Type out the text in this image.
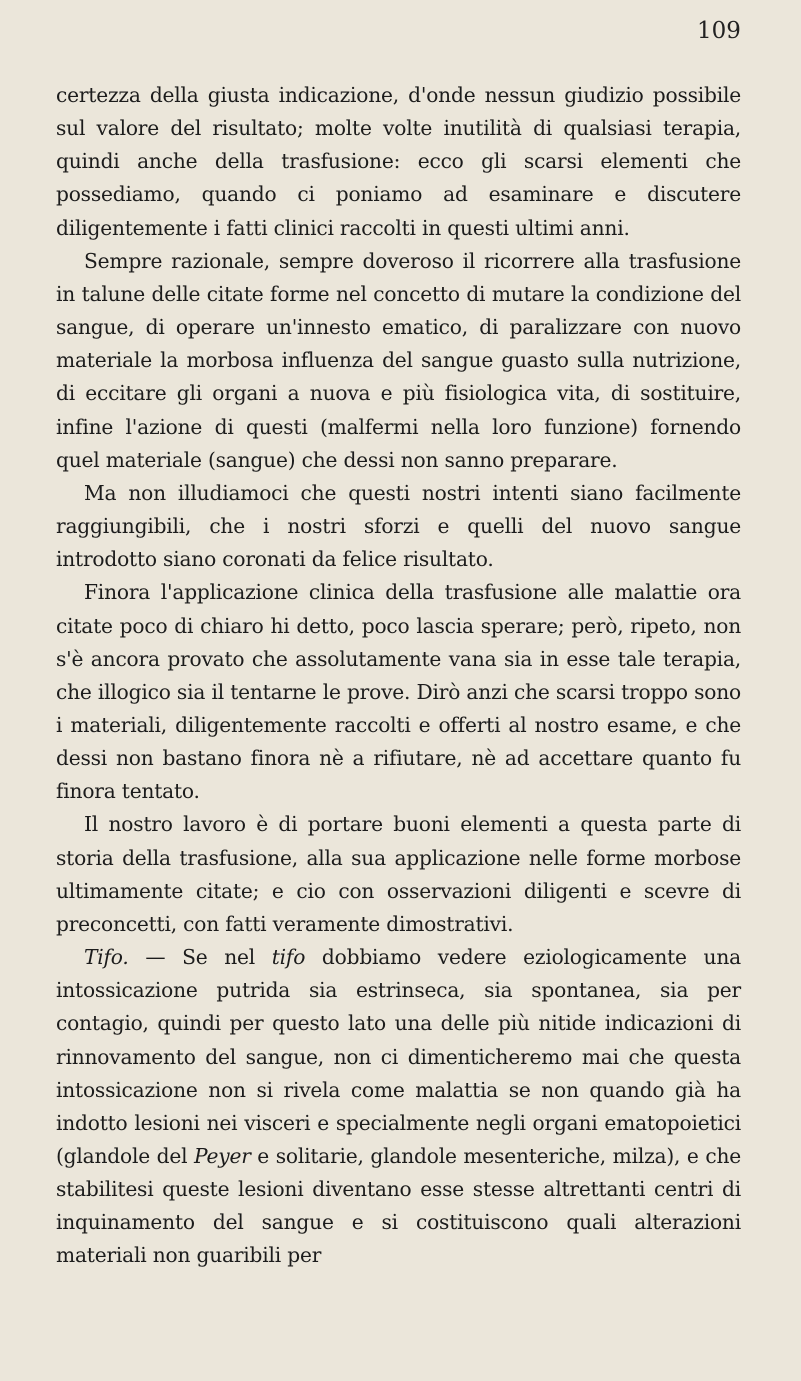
109

certezza della giusta indicazione, d'onde nessun giudizio possibile sul valore del risultato; molte volte inutilità di qualsiasi terapia, quindi anche della trasfusione: ecco gli scarsi elementi che possediamo, quando ci poniamo ad esaminare e discutere diligentemente i fatti clinici raccolti in questi ultimi anni.

Sempre razionale, sempre doveroso il ricorrere alla trasfusione in talune delle citate forme nel concetto di mutare la condizione del sangue, di operare un'innesto ematico, di paralizzare con nuovo materiale la morbosa influenza del sangue guasto sulla nutrizione, di eccitare gli organi a nuova e più fisiologica vita, di sostituire, infine l'azione di questi (malfermi nella loro funzione) fornendo quel materiale (sangue) che dessi non sanno preparare.

Ma non illudiamoci che questi nostri intenti siano facilmente raggiungibili, che i nostri sforzi e quelli del nuovo sangue introdotto siano coronati da felice risultato.

Finora l'applicazione clinica della trasfusione alle malattie ora citate poco di chiaro hi detto, poco lascia sperare; però, ripeto, non s'è ancora provato che assolutamente vana sia in esse tale terapia, che illogico sia il tentarne le prove. Dirò anzi che scarsi troppo sono i materiali, diligentemente raccolti e offerti al nostro esame, e che dessi non bastano finora nè a rifiutare, nè ad accettare quanto fu finora tentato.

Il nostro lavoro è di portare buoni elementi a questa parte di storia della trasfusione, alla sua applicazione nelle forme morbose ultimamente citate; e cio con osservazioni diligenti e scevre di preconcetti, con fatti veramente dimostrativi.

Tifo. — Se nel tifo dobbiamo vedere eziologicamente una intossicazione putrida sia estrinseca, sia spontanea, sia per contagio, quindi per questo lato una delle più nitide indicazioni di rinnovamento del sangue, non ci dimenticheremo mai che questa intossicazione non si rivela come malattia se non quando già ha indotto lesioni nei visceri e specialmente negli organi ematopoietici (glandole del Peyer e solitarie, glandole mesenteriche, milza), e che stabilitesi queste lesioni diventano esse stesse altrettanti centri di inquinamento del sangue e si costituiscono quali alterazioni materiali non guaribili per
